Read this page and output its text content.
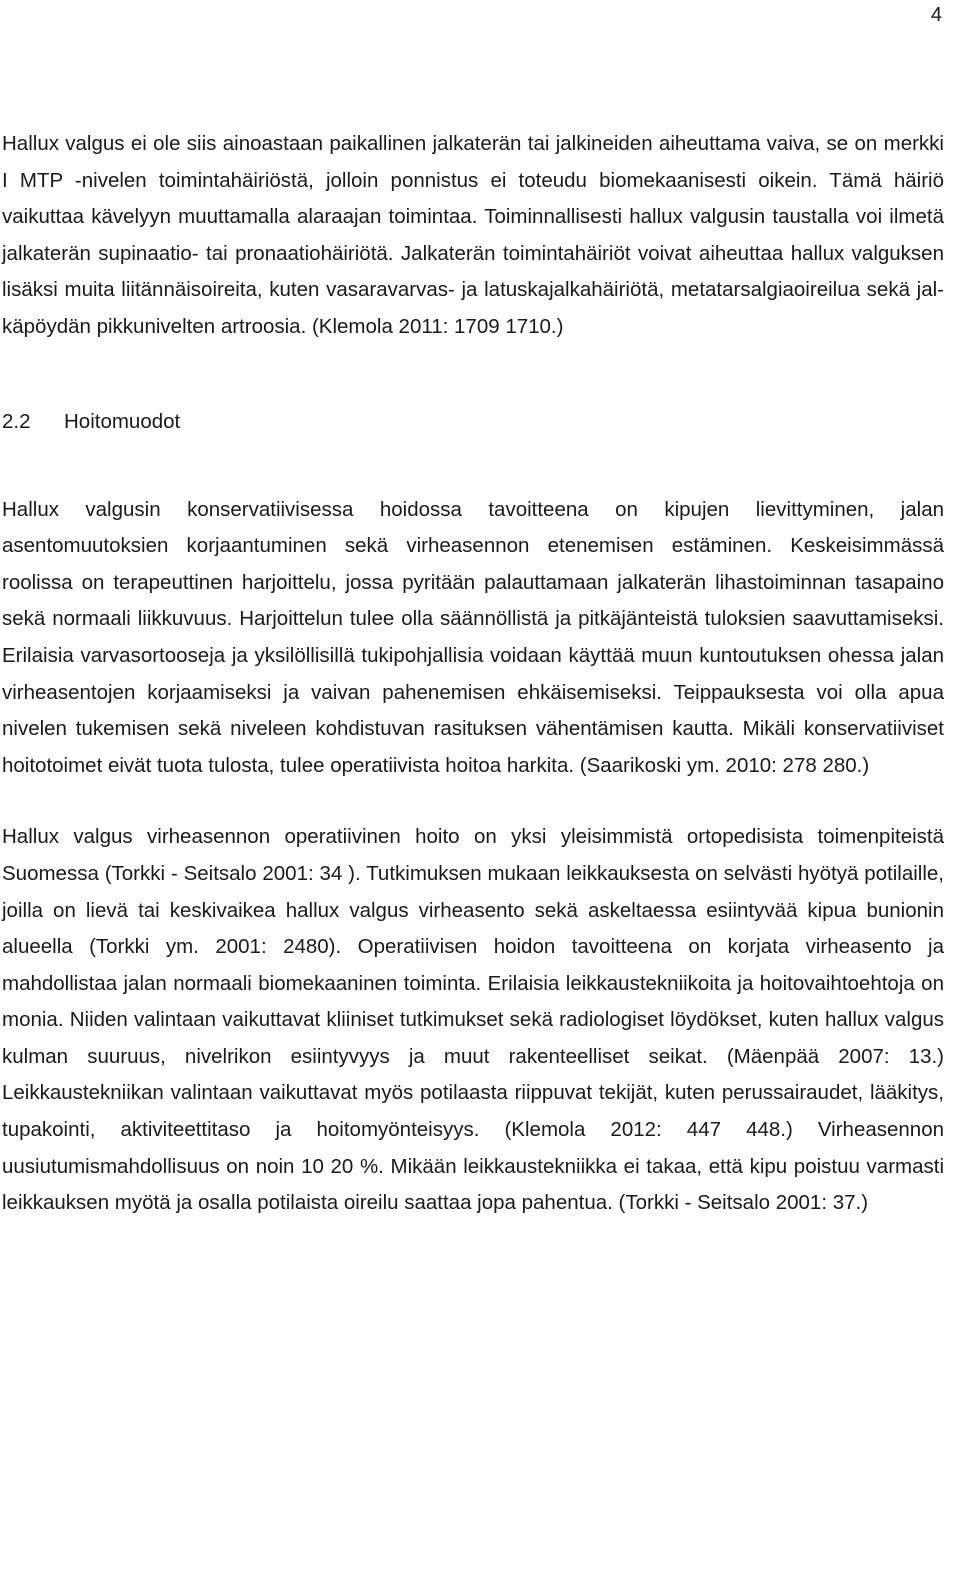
4

Hallux valgus ei ole siis ainoastaan paikallinen jalkaterän tai jalkineiden aiheuttama vaiva, se on merkki I MTP -nivelen toimintahäiriöstä, jolloin ponnistus ei toteudu biomekaanisesti oikein. Tämä häiriö vaikuttaa kävelyyn muuttamalla alaraajan toimintaa. Toiminnallisesti hallux valgusin taustalla voi ilmetä jalkaterän supinaatio- tai pronaatiohäiriötä. Jalkaterän toimintahäiriöt voivat aiheuttaa hallux valguksen lisäksi muita liitännäisoireita, kuten vasaravarvas- ja latuskajalkahäiriötä, metatarsalgiaoireilua sekä jalkäpöydän pikkunivelten artroosia. (Klemola 2011: 1709 1710.)

2.2 Hoitomuodot

Hallux valgusin konservatiivisessa hoidossa tavoitteena on kipujen lievittyminen, jalan asentomuutoksien korjaantuminen sekä virheasennon etenemisen estäminen. Keskeisimmässä roolissa on terapeuttinen harjoittelu, jossa pyritään palauttamaan jalkaterän lihastoiminnan tasapaino sekä normaali liikkuvuus. Harjoittelun tulee olla säännöllistä ja pitkäjänteistä tuloksien saavuttamiseksi. Erilaisia varvasortooseja ja yksilöllisillä tukipohjallisia voidaan käyttää muun kuntoutuksen ohessa jalan virheasentojen korjaamiseksi ja vaivan pahenemisen ehkäisemiseksi. Teippauksesta voi olla apua nivelen tukemisen sekä niveleen kohdistuvan rasituksen vähentämisen kautta. Mikäli konservatiiviset hoitotoimet eivät tuota tulosta, tulee operatiivista hoitoa harkita. (Saarikoski ym. 2010: 278 280.)

Hallux valgus virheasennon operatiivinen hoito on yksi yleisimmistä ortopedisista toimenpiteistä Suomessa (Torkki - Seitsalo 2001: 34 ). Tutkimuksen mukaan leikkauksesta on selvästi hyötyä potilaille, joilla on lievä tai keskivaikea hallux valgus virheasento sekä askeltaessa esiintyvää kipua bunionin alueella (Torkki ym. 2001: 2480). Operatiivisen hoidon tavoitteena on korjata virheasento ja mahdollistaa jalan normaali biomekaaninen toiminta. Erilaisia leikkaustekniikoita ja hoitovaihtoehtoja on monia. Niiden valintaan vaikuttavat kliiniset tutkimukset sekä radiologiset löydökset, kuten hallux valgus kulman suuruus, nivelrikon esiintyvyys ja muut rakenteelliset seikat. (Mäenpää 2007: 13.) Leikkaustekniikan valintaan vaikuttavat myös potilaasta riippuvat tekijät, kuten perussairaudet, lääkitys, tupakointi, aktiviteettitaso ja hoitomyönteisyys. (Klemola 2012: 447 448.) Virheasennon uusiutumismahdollisuus on noin 10 20 %. Mikään leikkaustekniikka ei takaa, että kipu poistuu varmasti leikkauksen myötä ja osalla potilaista oireilu saattaa jopa pahentua. (Torkki - Seitsalo 2001: 37.)
